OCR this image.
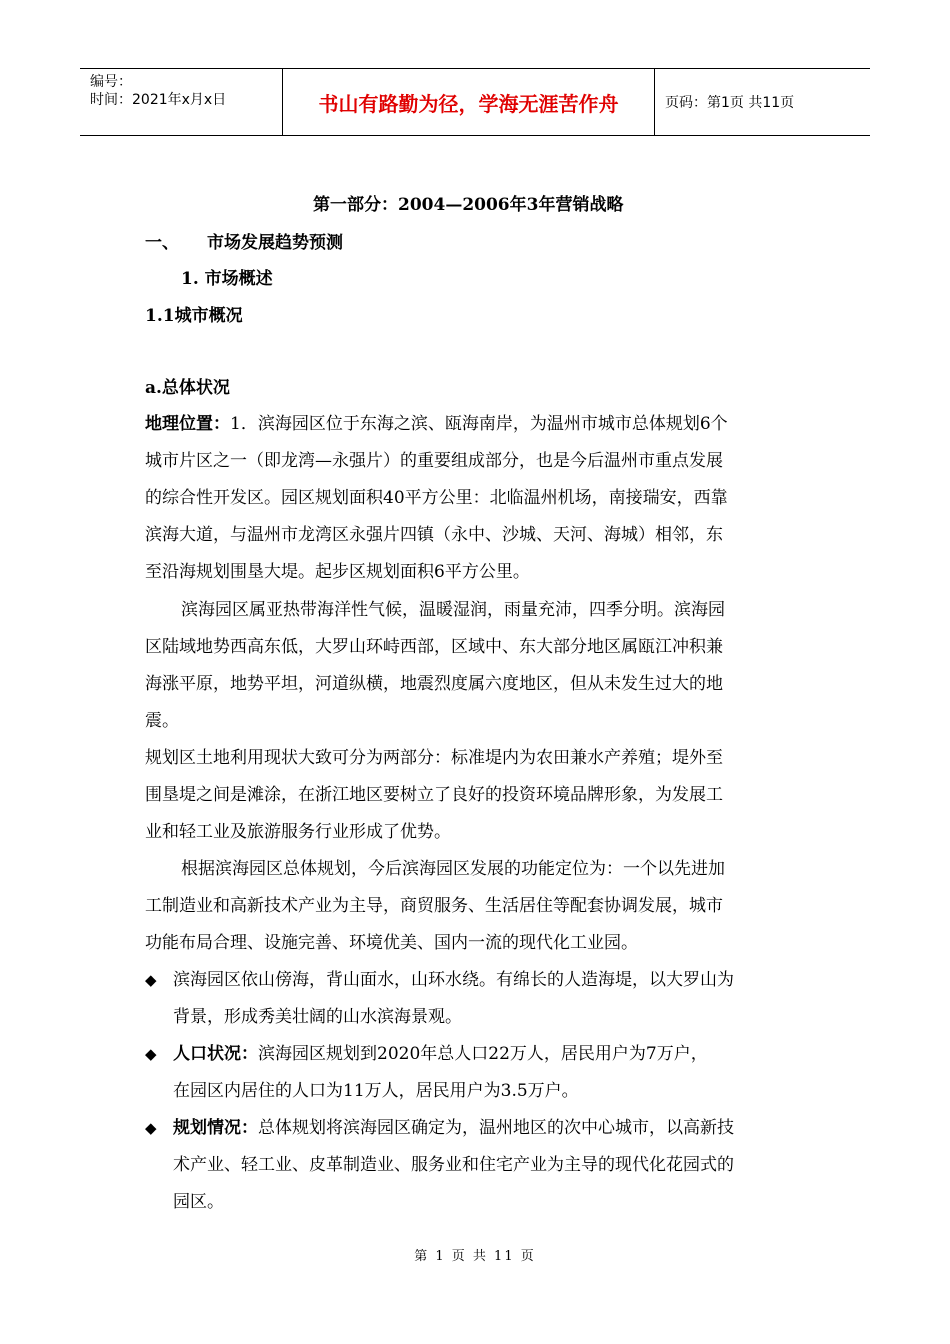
编号：
时间：2021年x月x日	书山有路勤为径，学海无涯苦作舟	页码：第1页 共11页
第一部分：2004—2006年3年营销战略
一、 市场发展趋势预测
1. 市场概述
1.1城市概况
a.总体状况
地理位置：1．滨海园区位于东海之滨、瓯海南岸，为温州市城市总体规划6个
城市片区之一（即龙湾—永强片）的重要组成部分，也是今后温州市重点发展
的综合性开发区。园区规划面积40平方公里：北临温州机场，南接瑞安，西靠
滨海大道，与温州市龙湾区永强片四镇（永中、沙城、天河、海城）相邻，东
至沿海规划围垦大堤。起步区规划面积6平方公里。
滨海园区属亚热带海洋性气候，温暖湿润，雨量充沛，四季分明。滨海园
区陆域地势西高东低，大罗山环峙西部，区域中、东大部分地区属瓯江冲积兼
海涨平原，地势平坦，河道纵横，地震烈度属六度地区，但从未发生过大的地
震。
规划区土地利用现状大致可分为两部分：标准堤内为农田兼水产养殖；堤外至
围垦堤之间是滩涂，在浙江地区要树立了良好的投资环境品牌形象，为发展工
业和轻工业及旅游服务行业形成了优势。
根据滨海园区总体规划，今后滨海园区发展的功能定位为：一个以先进加
工制造业和高新技术产业为主导，商贸服务、生活居住等配套协调发展，城市
功能布局合理、设施完善、环境优美、国内一流的现代化工业园。
◆ 滨海园区依山傍海，背山面水，山环水绕。有绵长的人造海堤，以大罗山为
背景，形成秀美壮阔的山水滨海景观。
◆ 人口状况：滨海园区规划到2020年总人口22万人，居民用户为7万户，
在园区内居住的人口为11万人，居民用户为3.5万户。
◆ 规划情况：总体规划将滨海园区确定为，温州地区的次中心城市，以高新技
术产业、轻工业、皮革制造业、服务业和住宅产业为主导的现代化花园式的
园区。
第 1 页 共 11 页
